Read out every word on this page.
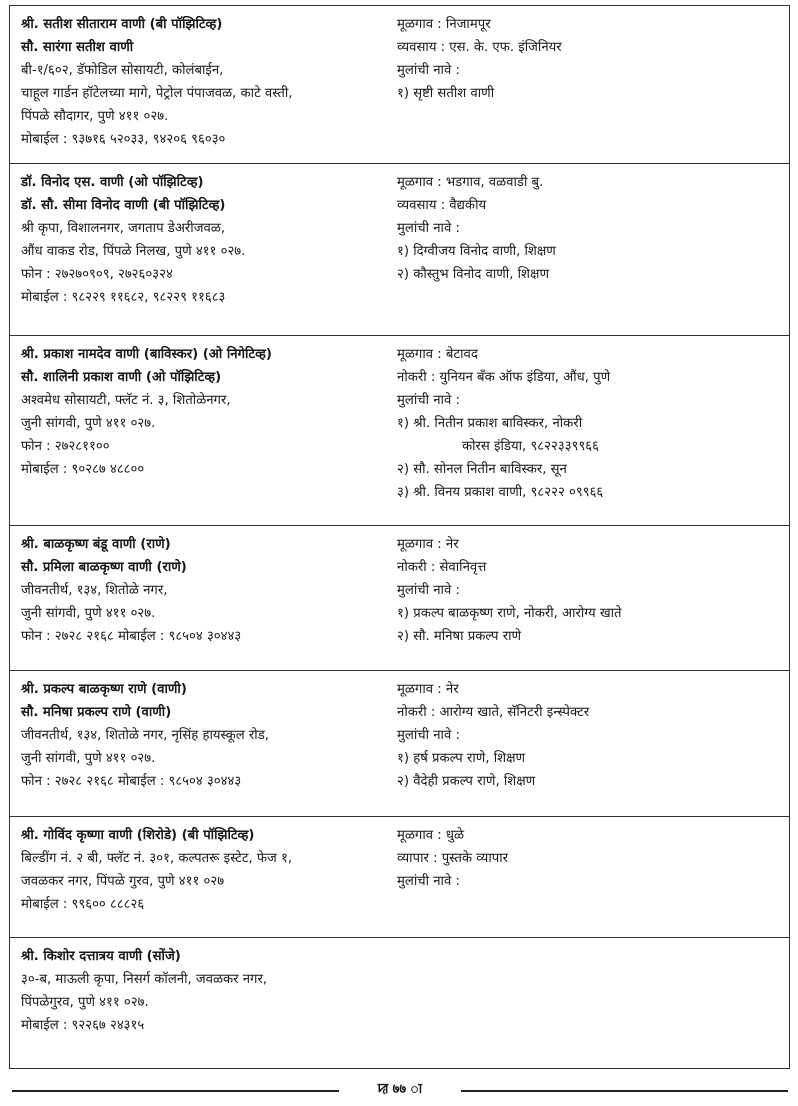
श्री. सतीश सीताराम वाणी (बी पॉझिटिव्ह)
सौ. सारंगा सतीश वाणी
बी-१/६०२, डॅफोडिल सोसायटी, कोलंबाईन,
चाहूल गार्डन हॉटेलच्या मागे, पेट्रोल पंपाजवळ, काटे वस्ती,
पिंपळे सौदागर, पुणे ४११ ०२७.
मोबाईल : ९३७१६ ५२०३३, ९४२०६ ९६०३०
मूळगाव : निजामपूर
व्यवसाय : एस. के. एफ. इंजिनियर
मुलांची नावे :
१) सृष्टी सतीश वाणी
डॉ. विनोद एस. वाणी (ओ पॉझिटिव्ह)
डॉ. सौ. सीमा विनोद वाणी (बी पॉझिटिव्ह)
श्री कृपा, विशालनगर, जगताप डेअरीजवळ,
औंध वाकड रोड, पिंपळे निलख, पुणे ४११ ०२७.
फोन : २७२७०९०९, २७२६०३२४
मोबाईल : ९८२२९ ११६८२, ९८२२९ ११६८३
मूळगाव : भडगाव, वळवाडी बु.
व्यवसाय : वैद्यकीय
मुलांची नावे :
१) दिग्वीजय विनोद वाणी, शिक्षण
२) कौस्तुभ विनोद वाणी, शिक्षण
श्री. प्रकाश नामदेव वाणी (बाविस्कर) (ओ निगेटिव्ह)
सौ. शालिनी प्रकाश वाणी (ओ पॉझिटिव्ह)
अश्वमेध सोसायटी, फ्लॅट नं. ३, शितोळेनगर,
जुनी सांगवी, पुणे ४११ ०२७.
फोन : २७२८११००
मोबाईल : ९०२८७ ४८८००
मूळगाव : बेटावद
नोकरी : युनियन बँक ऑफ इंडिया, औंध, पुणे
मुलांची नावे :
१) श्री. नितीन प्रकाश बाविस्कर, नोकरी
कोरस इंडिया, ९८२२३३९९६६
२) सौ. सोनल नितीन बाविस्कर, सून
३) श्री. विनय प्रकाश वाणी, ९८२२२ ०९९६६
श्री. बाळकृष्ण बंडू वाणी (राणे)
सौ. प्रमिला बाळकृष्ण वाणी (राणे)
जीवनतीर्थ, १३४, शितोळे नगर,
जुनी सांगवी, पुणे ४११ ०२७.
फोन : २७२८ २१६८ मोबाईल : ९८५०४ ३०४४३
मूळगाव : नेर
नोकरी : सेवानिवृत्त
मुलांची नावे :
१) प्रकल्प बाळकृष्ण राणे, नोकरी, आरोग्य खाते
२) सौ. मनिषा प्रकल्प राणे
श्री. प्रकल्प बाळकृष्ण राणे (वाणी)
सौ. मनिषा प्रकल्प राणे (वाणी)
जीवनतीर्थ, १३४, शितोळे नगर, नृसिंह हायस्कूल रोड,
जुनी सांगवी, पुणे ४११ ०२७.
फोन : २७२८ २१६८ मोबाईल : ९८५०४ ३०४४३
मूळगाव : नेर
नोकरी : आरोग्य खाते, सॅनिटरी इन्स्पेक्टर
मुलांची नावे :
१) हर्ष प्रकल्प राणे, शिक्षण
२) वैदेही प्रकल्प राणे, शिक्षण
श्री. गोविंद कृष्णा वाणी (शिरोडे) (बी पॉझिटिव्ह)
बिल्डींग नं. २ बी, फ्लॅट नं. ३०१, कल्पतरू इस्टेट, फेज १,
जवळकर नगर, पिंपळे गुरव, पुणे ४११ ०२७
मोबाईल : ९९६०० ८८८२६
मूळगाव : धुळे
व्यापार : पुस्तके व्यापार
मुलांची नावे :
श्री. किशोर दत्तात्रय वाणी (सोंजे)
३०-ब, माऊली कृपा, निसर्ग कॉलनी, जवळकर नगर,
पिंपळेगुरव, पुणे ४११ ०२७.
मोबाईल : ९२२६७ २४३१५
ꠢ ७७ ꠣ
